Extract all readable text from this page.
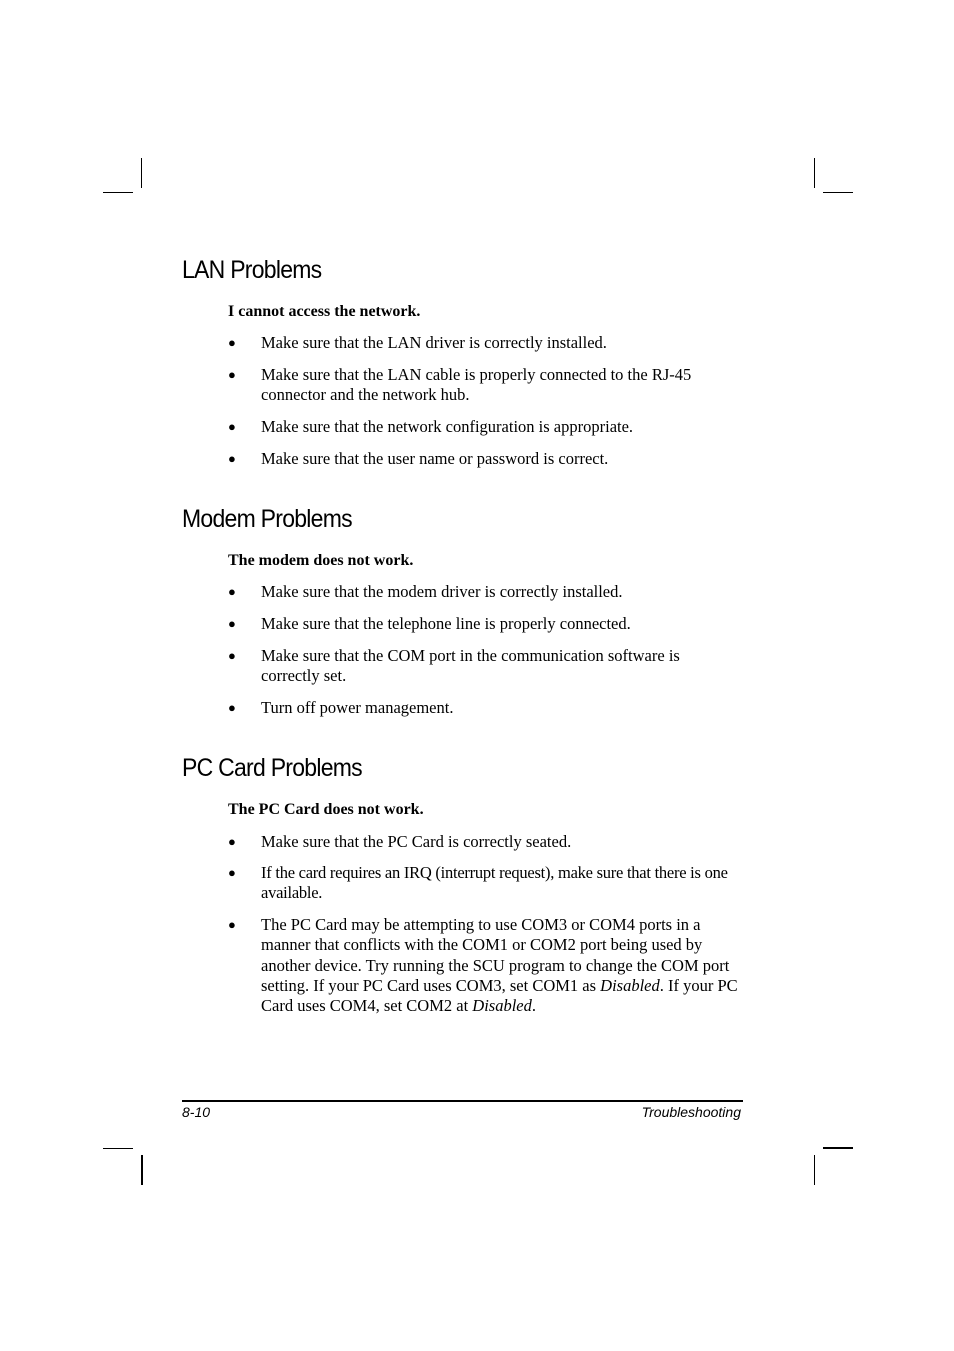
LAN Problems
I cannot access the network.
● Make sure that the LAN driver is correctly installed.
● Make sure that the LAN cable is properly connected to the RJ-45 connector and the network hub.
● Make sure that the network configuration is appropriate.
● Make sure that the user name or password is correct.
Modem Problems
The modem does not work.
● Make sure that the modem driver is correctly installed.
● Make sure that the telephone line is properly connected.
● Make sure that the COM port in the communication software is correctly set.
● Turn off power management.
PC Card Problems
The PC Card does not work.
● Make sure that the PC Card is correctly seated.
● If the card requires an IRQ (interrupt request), make sure that there is one available.
● The PC Card may be attempting to use COM3 or COM4 ports in a manner that conflicts with the COM1 or COM2 port being used by another device. Try running the SCU program to change the COM port setting. If your PC Card uses COM3, set COM1 as Disabled. If your PC Card uses COM4, set COM2 at Disabled.
8-10	Troubleshooting
